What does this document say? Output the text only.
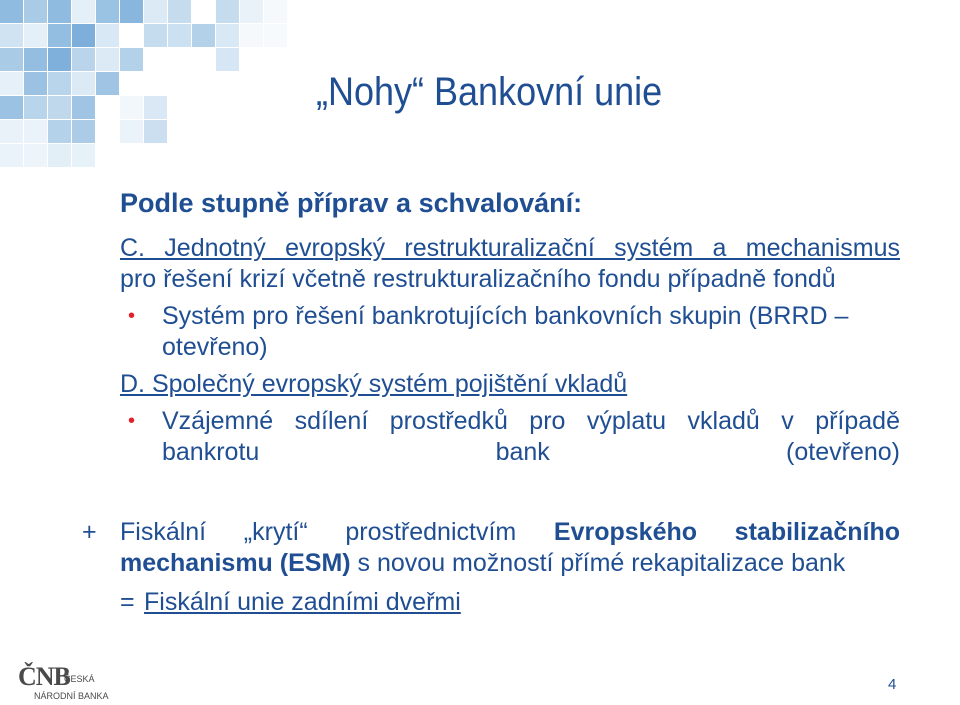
„Nohy“ Bankovní unie

Podle stupně příprav a schvalování:

C. Jednotný evropský restrukturalizační systém a mechanismus

pro řešení krizí včetně restrukturalizačního fondu případně fondů

• Systém pro řešení bankrotujících bankovních skupin (BRRD – otevřeno)

D. Společný evropský systém pojištění vkladů

• Vzájemné sdílení prostředků pro výplatu vkladů v případě bankrotu bank (otevřeno)
+ Fiskální „krytí“ prostřednictvím Evropského stabilizačního
mechanismu (ESM) s novou možností přímé rekapitalizace bank
= Fiskální unie zadními dveřmi
ČNB
ČESKÁ
NÁRODNÍ BANKA
4
